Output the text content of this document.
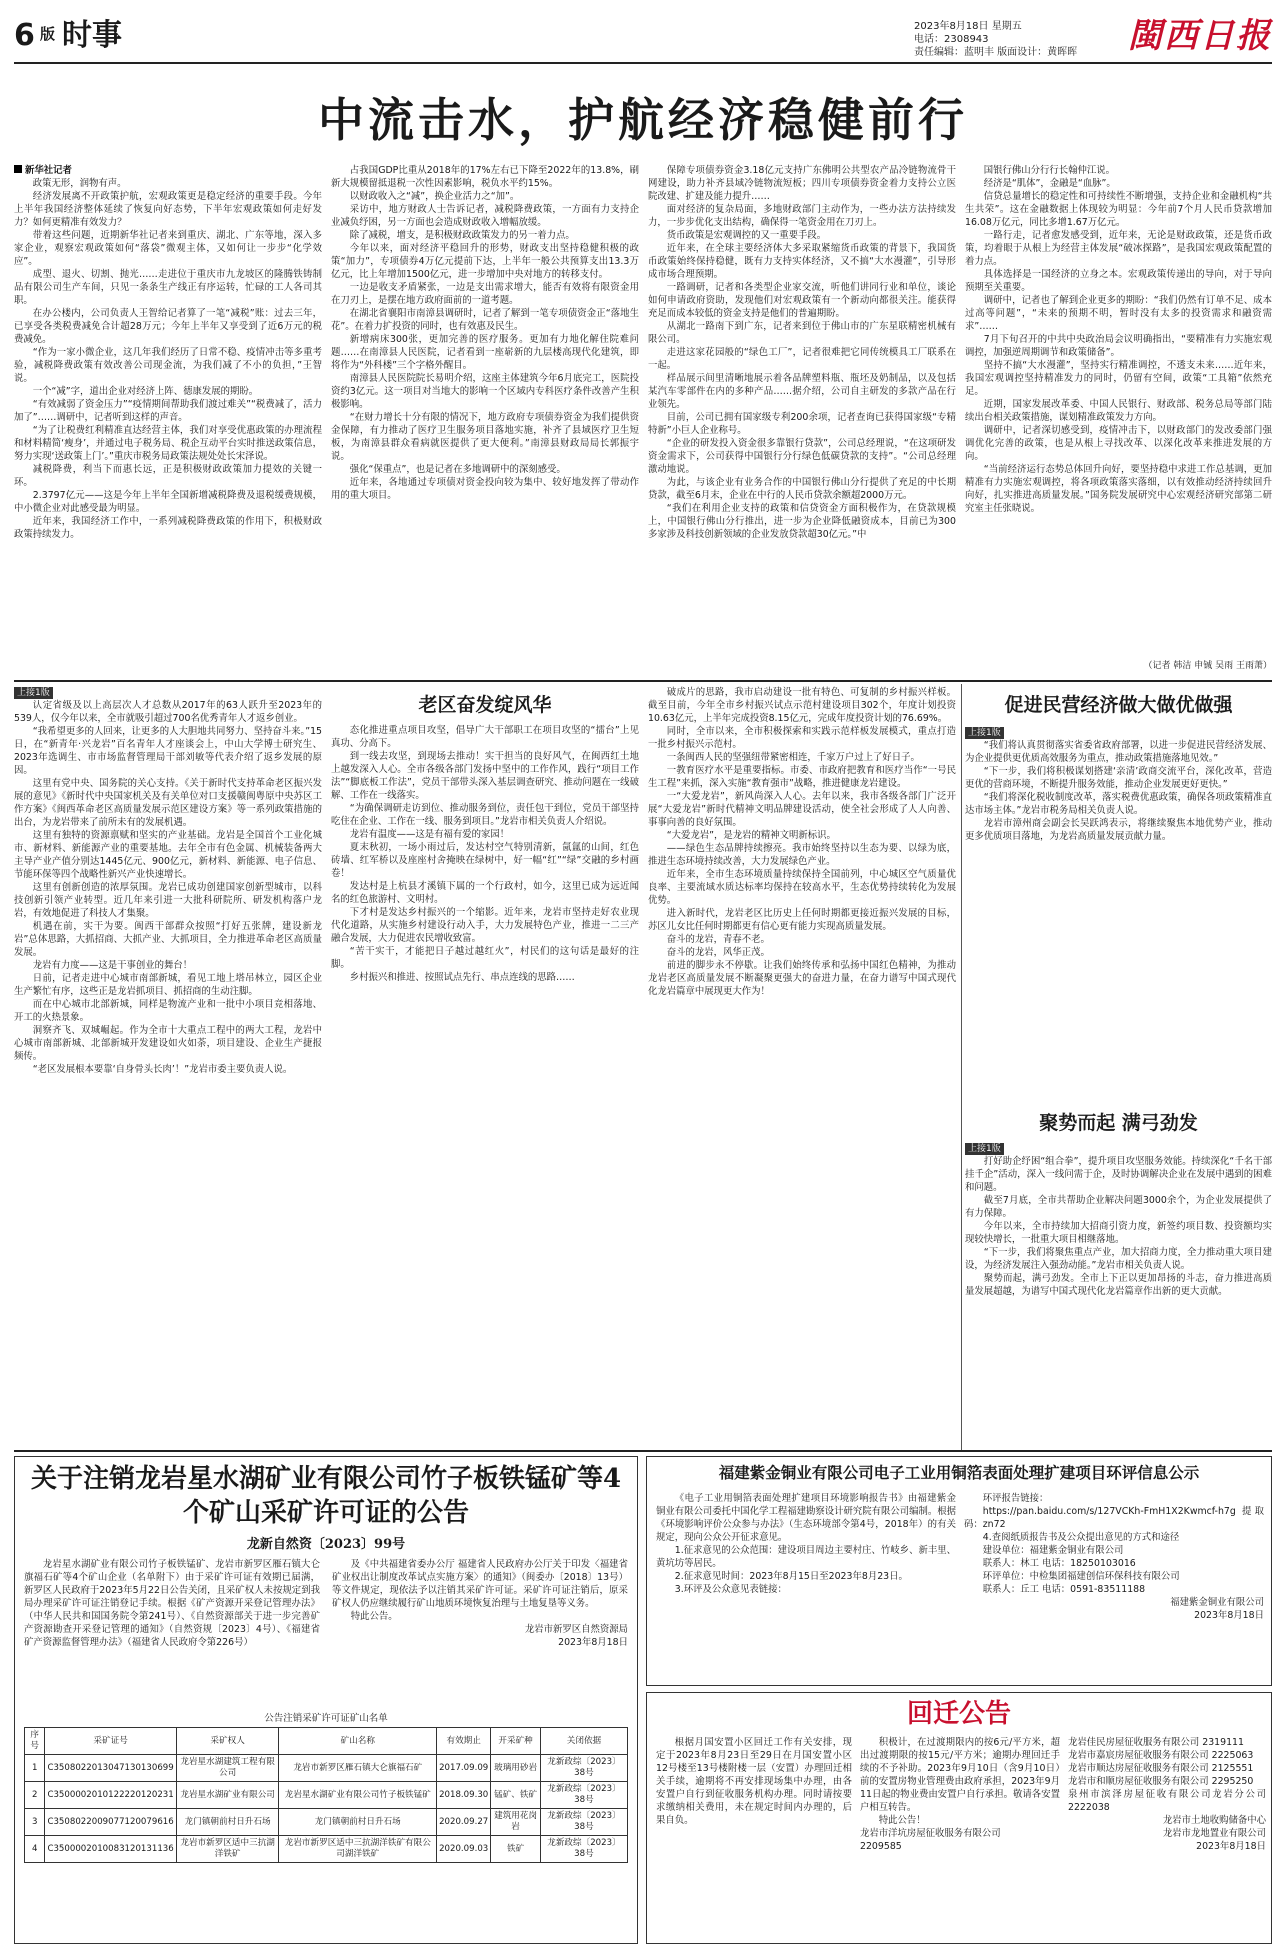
6 版 时事	2023年8月18日 星期五
电话：2308943
责任编辑：蓝明丰 版面设计：黄晖晖 閩西日报
中流击水，护航经济稳健前行

新华社记者

政策无形，润物有声。

经济发展离不开政策护航，宏观政策更是稳定经济的重要手段。今年上半年我国经济整体延续了恢复向好态势，下半年宏观政策如何走好发力？如何更精准有效发力？

带着这些问题，近期新华社记者来到重庆、湖北、广东等地，深入多家企业，观察宏观政策如何“落袋”微观主体，又如何让一步步“化学效应”。

成型、退火、切割、抛光……走进位于重庆市九龙坡区的隆腾铁铸制品有限公司生产车间，只见一条条生产线正有序运转，忙碌的工人各司其职。

在办公楼内，公司负责人王智给记者算了一笔“减税”账：过去三年，已享受各类税费减免合计超28万元；今年上半年又享受到了近6万元的税费减免。

“作为一家小微企业，这几年我们经历了日常不稳、疫情冲击等多重考验，减税降费政策有效改善公司现金流，为我们减了不小的负担，”王智说。

一个“减”字，道出企业对经济上阵、德康发展的期盼。

“有效减弱了资金压力”“疫情期间帮助我们渡过难关”“税费减了，活力加了”……调研中，记者听到这样的声音。

“为了让税费红利精准直达经营主体，我们对享受优惠政策的办理流程和材料精简‘瘦身’，并通过电子税务局、税企互动平台实时推送政策信息，努力实现‘送政策上门’。”重庆市税务局政策法规处处长宋泽说。

减税降费，利当下而惠长远，正是积极财政政策加力提效的关键一环。

2.3797亿元——这是今年上半年全国新增减税降费及退税缓费规模，中小微企业对此感受最为明显。

近年来，我国经济工作中，一系列减税降费政策的作用下，积极财政政策持续发力。

占我国GDP比重从2018年的17%左右已下降至2022年的13.8%，刷新大规模留抵退税一次性因素影响，税负水平约15%。

以财政收入之“减”，换企业活力之“加”。

采访中，地方财政人士告诉记者，减税降费政策，一方面有力支持企业减负纾困，另一方面也会造成财政收入增幅放缓。

除了减税，增支，是积极财政政策发力的另一着力点。

今年以来，面对经济平稳回升的形势，财政支出坚持稳健积极的政策“加力”，专项债券4万亿元提前下达，上半年一般公共预算支出13.3万亿元，比上年增加1500亿元，进一步增加中央对地方的转移支付。

一边是收支矛盾紧张，一边是支出需求增大，能否有效将有限资金用在刀刃上，是摆在地方政府面前的一道考题。

在湖北省襄阳市南漳县调研时，记者了解到一笔专项债资金正“落地生花”。在着力扩投资的同时，也有效惠及民生。

新增病床300张，更加完善的医疗服务。更加有力地化解住院难问题……在南漳县人民医院，记者看到一座崭新的九层楼高现代化建筑，即将作为“外科楼”三个字格外醒目。

南漳县人民医院院长易明介绍，这座主体建筑今年6月底完工，医院投资约3亿元。这一项目对当地大的影响一个区域内专科医疗条件改善产生积极影响。

“在财力增长十分有限的情况下，地方政府专项债券资金为我们提供资金保障，有力推动了医疗卫生服务项目落地实施，补齐了县域医疗卫生短板，为南漳县群众看病就医提供了更大便利。”南漳县财政局局长郭振宇说。

强化“保重点”，也是记者在多地调研中的深刻感受。

近年来，各地通过专项债对资金投向较为集中、较好地发挥了带动作用的重大项目。

保障专项债券资金3.18亿元支持广东佛明公共型农产品冷链物流骨干网建设，助力补齐县域冷链物流短板；四川专项债券资金着力支持公立医院改建、扩建及能力提升……

面对经济的复杂局面，多地财政部门主动作为，一些办法方法持续发力，一步步优化支出结构，确保得一笔资金用在刀刃上。

货币政策是宏观调控的又一重要手段。

近年来，在全球主要经济体大多采取紧缩货币政策的背景下，我国货币政策始终保持稳健，既有力支持实体经济，又不搞“大水漫灌”，引导形成市场合理预期。

一路调研，记者和各类型企业家交流，听他们讲同行业和单位，谈论如何申请政府资助，发现他们对宏观政策有一个新动向都很关注。能获得充足而成本较低的资金支持是他们的普遍期盼。

从湖北一路南下到广东，记者来到位于佛山市的广东星联精密机械有限公司。

走进这家花园般的“绿色工厂”，记者很难把它同传统模具工厂联系在一起。

样品展示间里清晰地展示着各品牌塑料瓶、瓶坯及奶制品，以及包括某汽车零部件在内的多种产品……据介绍，公司自主研发的多款产品在行业领先。

目前，公司已拥有国家级专利200余项，记者查询已获得国家级“专精特新”小巨人企业称号。

“企业的研发投入资金很多靠银行贷款”，公司总经理说，“在这项研发资金需求下，公司获得中国银行分行绿色低碳贷款的支持”。“公司总经理激动地说。

为此，与该企业有业务合作的中国银行佛山分行提供了充足的中长期贷款，截至6月末，企业在中行的人民币贷款余额超2000万元。

“我们在利用企业支持的政策和信贷资金方面积极作为，在贷款规模上，中国银行佛山分行推出，进一步为企业降低融资成本，目前已为300多家涉及科技创新领域的企业发放贷款超30亿元。”中

国银行佛山分行行长翰仲江说。

经济是“肌体”，金融是“血脉”。

信贷总量增长的稳定性和可持续性不断增强，支持企业和金融机构“共生共荣”。这在金融数据上体现较为明显：今年前7个月人民币贷款增加16.08万亿元，同比多增1.67万亿元。

一路行走，记者愈发感受到，近年来，无论是财政政策，还是货币政策，均着眼于从根上为经营主体发展“破冰探路”，是我国宏观政策配置的着力点。

具体选择是一国经济的立身之本。宏观政策传递出的导向，对于导向预期至关重要。

调研中，记者也了解到企业更多的期盼：“我们仍然有订单不足、成本过高等问题”，“未来的预期不明，暂时没有太多的投资需求和融资需求”……

7月下旬召开的中共中央政治局会议明确指出，“要精准有力实施宏观调控，加强逆周期调节和政策储备”。

坚持不搞“大水漫灌”，坚持实行精准调控，不透支未来……近年来，我国宏观调控坚持精准发力的同时，仍留有空间，政策“工具箱”依然充足。

近期，国家发展改革委、中国人民银行、财政部、税务总局等部门陆续出台相关政策措施，谋划精准政策发力方向。

调研中，记者深切感受到，疫情冲击下，以财政部门的发改委部门强调优化完善的政策，也是从根上寻找改革、以深化改革来推进发展的方向。

“当前经济运行态势总体回升向好，要坚持稳中求进工作总基调，更加精准有力实施宏观调控，将各项政策落实落细，以有效推动经济持续回升向好，扎实推进高质量发展。”国务院发展研究中心宏观经济研究部第二研究室主任张晓说。

（记者 韩洁 申铖 吴雨 王雨萧）

上接1版

认定省级及以上高层次人才总数从2017年的63人跃升至2023年的539人，仅今年以来，全市就吸引超过700名优秀青年人才返乡创业。

“我希望更多的人回来，让更多的人大胆地共同努力、坚持奋斗来。”15日，在“新青年·兴龙岩”百名青年人才座谈会上，中山大学博士研究生、2023年选调生、市市场监督管理局干部刘敏等代表介绍了返乡发展的原因。

这里有党中央、国务院的关心支持。《关于新时代支持革命老区振兴发展的意见》《新时代中央国家机关及有关单位对口支援赣闽粤原中央苏区工作方案》《闽西革命老区高质量发展示范区建设方案》等一系列政策措施的出台，为龙岩带来了前所未有的发展机遇。

这里有独特的资源禀赋和坚实的产业基础。龙岩是全国首个工业化城市、新材料、新能源产业的重要基地。去年全市有色金属、机械装备两大主导产业产值分别达1445亿元、900亿元，新材料、新能源、电子信息、节能环保等四个战略性新兴产业快速增长。

这里有创新创造的浓厚氛围。龙岩已成功创建国家创新型城市，以科技创新引领产业转型。近几年来引进一大批科研院所、研发机构落户龙岩，有效地促进了科技人才集聚。

机遇在前，实干为要。闽西干部群众按照“打好五张牌，建设新龙岩”总体思路，大抓招商、大抓产业、大抓项目，全力推进革命老区高质量发展。

龙岩有力度——这是干事创业的舞台！

日前，记者走进中心城市南部新城，看见工地上塔吊林立，园区企业生产繁忙有序，这些正是龙岩抓项目、抓招商的生动注脚。

而在中心城市北部新城，同样是物流产业和一批中小项目竞相落地、开工的火热景象。

洞察齐飞、双城崛起。作为全市十大重点工程中的两大工程，龙岩中心城市南部新城、北部新城开发建设如火如荼，项目建设、企业生产捷报频传。

“老区发展根本要靠‘自身骨头长肉’！”龙岩市委主要负责人说。

老区奋发绽风华

态化推进重点项目攻坚，倡导广大干部职工在项目攻坚的“擂台”上见真功、分高下。

到一线去攻坚，到现场去推动！实干担当的良好风气，在闽西红土地上越发深入人心。全市各级各部门发扬中坚中的工作作风，践行“项目工作法”“脚底板工作法”，党员干部带头深入基层调查研究、推动问题在一线破解、工作在一线落实。

“为确保调研走访到位、推动服务到位，责任包干到位，党员干部坚持吃住在企业、工作在一线、服务到项目。”龙岩市相关负责人介绍说。

龙岩有温度——这是有福有爱的家园！

夏末秋初，一场小雨过后，发达村空气特别清新，氤氲的山间，红色砖墙、红军桥以及座座村舍掩映在绿树中，好一幅“红”“绿”交融的乡村画卷！

发达村是上杭县才溪镇下属的一个行政村，如今，这里已成为远近闻名的红色旅游村、文明村。

下才村是发达乡村振兴的一个缩影。近年来，龙岩市坚持走好农业现代化道路，从实施乡村建设行动入手，大力发展特色产业，推进一二三产融合发展，大力促进农民增收致富。

“苦干实干，才能把日子越过越红火”，村民们的这句话是最好的注脚。

乡村振兴和推进、按照试点先行、串点连线的思路……

破成片的思路，我市启动建设一批有特色、可复制的乡村振兴样板。截至目前，今年全市乡村振兴试点示范村建设项目302个，年度计划投资10.63亿元，上半年完成投资8.15亿元，完成年度投资计划的76.69%。

同时，全市以来，全市积极探索和实践示范样板发展模式，重点打造一批乡村振兴示范村。

一条闽西人民的坚强纽带紧密相连，千家万户过上了好日子。

一教育医疗水平是重要指标。市委、市政府把教育和医疗当作“一号民生工程”来抓，深入实施“教育强市”战略，推进健康龙岩建设。

一“大爱龙岩”，新风尚深入人心。去年以来，我市各级各部门广泛开展“大爱龙岩”新时代精神文明品牌建设活动，使全社会形成了人人向善、事事向善的良好氛围。

“大爱龙岩”，是龙岩的精神文明新标识。

——绿色生态品牌持续擦亮。我市始终坚持以生态为要、以绿为底，推进生态环境持续改善，大力发展绿色产业。

近年来，全市生态环境质量持续保持全国前列，中心城区空气质量优良率、主要流域水质达标率均保持在较高水平，生态优势持续转化为发展优势。

进入新时代，龙岩老区比历史上任何时期都更接近振兴发展的目标，苏区儿女比任何时期都更有信心更有能力实现高质量发展。

奋斗的龙岩，青春不老。

奋斗的龙岩，风华正茂。

前进的脚步永不停歇。让我们始终传承和弘扬中国红色精神，为推动龙岩老区高质量发展不断凝聚更强大的奋进力量，在奋力谱写中国式现代化龙岩篇章中展现更大作为！

促进民营经济做大做优做强

上接1版

“我们将认真贯彻落实省委省政府部署，以进一步促进民营经济发展、为企业提供更优质高效服务为重点，推动政策措施落地见效。”

“下一步，我们将积极谋划搭建‘亲清’政商交流平台，深化改革，营造更优的营商环境，不断提升服务效能，推动企业发展更好更快。”

“我们将深化税收制度改革，落实税费优惠政策，确保各项政策精准直达市场主体。”龙岩市税务局相关负责人说。

龙岩市漳州商会副会长吴跃鸿表示，将继续聚焦本地优势产业，推动更多优质项目落地，为龙岩高质量发展贡献力量。

聚势而起 满弓劲发

上接1版

打好助企纾困“组合拳”，提升项目攻坚服务效能。持续深化“千名干部挂千企”活动，深入一线问需于企，及时协调解决企业在发展中遇到的困难和问题。

截至7月底，全市共帮助企业解决问题3000余个，为企业发展提供了有力保障。

今年以来，全市持续加大招商引资力度，新签约项目数、投资额均实现较快增长，一批重大项目相继落地。

“下一步，我们将聚焦重点产业，加大招商力度，全力推动重大项目建设，为经济发展注入强劲动能。”龙岩市相关负责人说。

聚势而起，满弓劲发。全市上下正以更加昂扬的斗志，奋力推进高质量发展超越，为谱写中国式现代化龙岩篇章作出新的更大贡献。

关于注销龙岩星水湖矿业有限公司竹子板铁锰矿等4个矿山采矿许可证的公告
龙新自然资〔2023〕99号

龙岩星水湖矿业有限公司竹子板铁锰矿、龙岩市新罗区雁石镇大仑旗福石矿等4个矿山企业（名单附下）由于采矿许可证有效期已届满，新罗区人民政府于2023年5月22日公告关闭，且采矿权人未按规定到我局办理采矿许可证注销登记手续。根据《矿产资源开采登记管理办法》（中华人民共和国国务院令第241号）、《自然资源部关于进一步完善矿产资源勘查开采登记管理的通知》（自然资规〔2023〕4号）、《福建省矿产资源监督管理办法》（福建省人民政府令第226号）

及《中共福建省委办公厅 福建省人民政府办公厅关于印发〈福建省矿业权出让制度改革试点实施方案〉的通知》（闽委办〔2018〕13号）等文件规定，现依法予以注销其采矿许可证。采矿许可证注销后，原采矿权人仍应继续履行矿山地质环境恢复治理与土地复垦等义务。

特此公告。

龙岩市新罗区自然资源局

2023年8月18日

公告注销采矿许可证矿山名单
序号	采矿证号	采矿权人	矿山名称	有效期止	开采矿种	关闭依据
1	C3508022013047130130699	龙岩星水湖建筑工程有限公司	龙岩市新罗区雁石镇大仑旗福石矿	2017.09.09	玻璃用砂岩	龙新政综〔2023〕38号
2	C3500002010122220120231	龙岩星水湖矿业有限公司	龙岩星水湖矿业有限公司竹子板铁锰矿	2018.09.30	锰矿、铁矿	龙新政综〔2023〕38号
3	C3508022009077120079616	龙门镇朝前村日升石场	龙门镇朝前村日升石场	2020.09.27	建筑用花岗岩	龙新政综〔2023〕38号
4	C3500002010083120131136	龙岩市新罗区适中三抗湖洋铁矿	龙岩市新罗区适中三抗湖洋铁矿有限公司湖洋铁矿	2020.09.03	铁矿	龙新政综〔2023〕38号
福建紫金铜业有限公司电子工业用铜箔表面处理扩建项目环评信息公示

《电子工业用铜箔表面处理扩建项目环境影响报告书》由福建紫金铜业有限公司委托中国化学工程福建勘察设计研究院有限公司编制。根据《环境影响评价公众参与办法》（生态环境部令第4号，2018年）的有关规定，现向公众公开征求意见。

1.征求意见的公众范围：建设项目周边主要村庄、竹岐乡、新丰里、黄坑坊等居民。

2.征求意见时间：2023年8月15日至2023年8月23日。

3.环评及公众意见表链接：

环评报告链接：

https://pan.baidu.com/s/127VCKh-FmH1X2Kwmcf-h7g 提取码：zn72

4.查阅纸质报告书及公众提出意见的方式和途径

建设单位：福建紫金铜业有限公司

联系人：林工 电话：18250103016

环评单位：中检集团福建创信环保科技有限公司

联系人：丘工 电话：0591-83511188

福建紫金铜业有限公司

2023年8月18日

回迁公告

根据月国安置小区回迁工作有关安排，现定于2023年8月23日至29日在月国安置小区12号楼至13号楼附楼一层（安置）办理回迁相关手续，逾期将不再安排现场集中办理，由各安置户自行到征收服务机构办理。同时请按要求缴纳相关费用，未在规定时间内办理的，后果自负。

积极计，在过渡期限内的按6元/平方米，超出过渡期限的按15元/平方米；逾期办理回迁手续的不予补助。2023年9月10日（含9月10日）前的安置房物业管理费由政府承担，2023年9月11日起的物业费由安置户自行承担。敬请各安置户相互转告。

特此公告！

龙岩市洋坑房屋征收服务有限公司

2209585

龙岩佳民房屋征收服务有限公司 2319111

龙岩市嘉宸房屋征收服务有限公司 2225063

龙岩市顺达房屋征收服务有限公司 2125551

龙岩市和顺房屋征收服务有限公司 2295250

泉州市滨泽房屋征收有限公司龙岩分公司 2222038

龙岩市土地收购储备中心

龙岩市龙地置业有限公司

2023年8月18日
